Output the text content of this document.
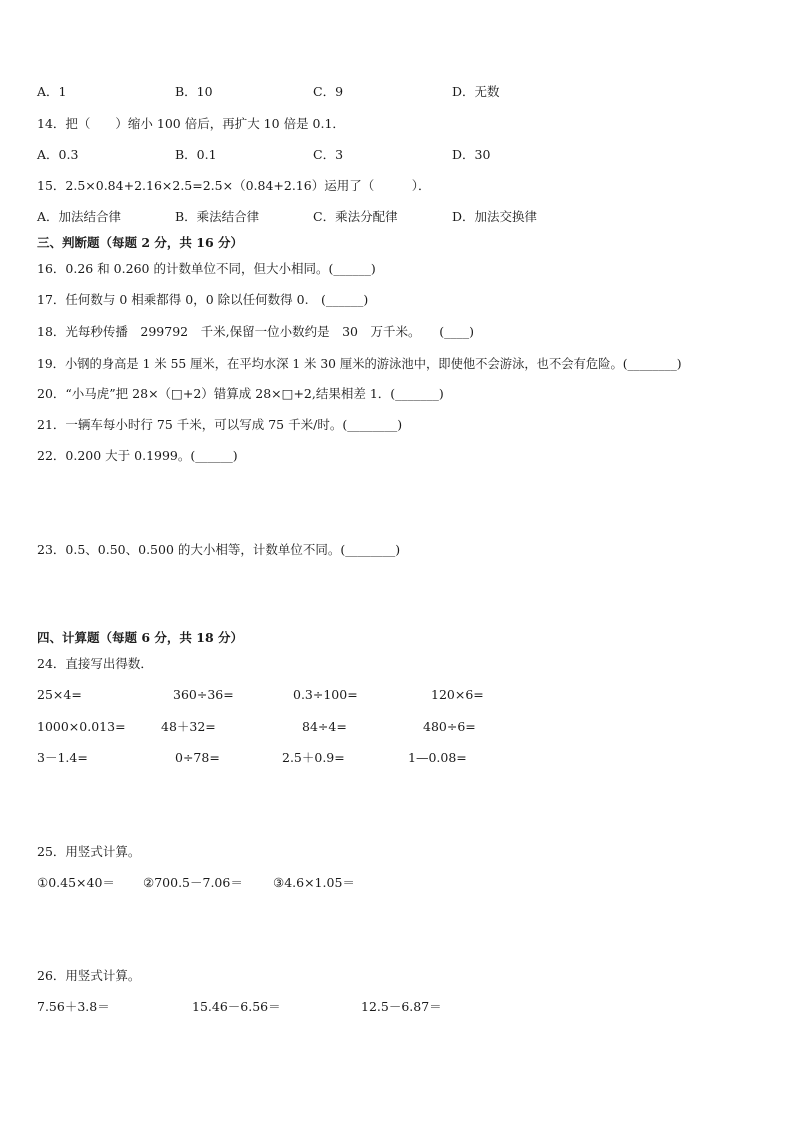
A．1	B．10	C．9	D．无数
14．把（　　）缩小 100 倍后，再扩大 10 倍是 0.1．
A．0.3	B．0.1	C．3	D．30
15．2.5×0.84+2.16×2.5=2.5×（0.84+2.16）运用了（　　　）．
A．加法结合律	B．乘法结合律	C．乘法分配律	D．加法交换律
三、判断题（每题 2 分，共 16 分）
16．0.26 和 0.260 的计数单位不同，但大小相同。(______)
17．任何数与 0 相乘都得 0，0 除以任何数得 0.　(______)
18．光每秒传播　299792　千米,保留一位小数约是　30　万千米。　　(____)
19．小钢的身高是 1 米 55 厘米，在平均水深 1 米 30 厘米的游泳池中，即使他不会游泳，也不会有危险。(________)
20．“小马虎”把 28×（□+2）错算成 28×□+2,结果相差 1．(_______)
21．一辆车每小时行 75 千米，可以写成 75 千米/时。(________)
22．0.200 大于 0.1999。(______)
23．0.5、0.50、0.500 的大小相等，计数单位不同。(________)
四、计算题（每题 6 分，共 18 分）
24．直接写出得数．
25×4=	360÷36=	0.3÷100=	120×6=
1000×0.013=	48＋32=	84÷4=	480÷6=
3－1.4=	0÷78=	2.5＋0.9=	1—0.08=
25．用竖式计算。
①0.45×40＝ ②700.5－7.06＝ ③4.6×1.05＝
26．用竖式计算。
7.56＋3.8＝	15.46－6.56＝	12.5－6.87＝
